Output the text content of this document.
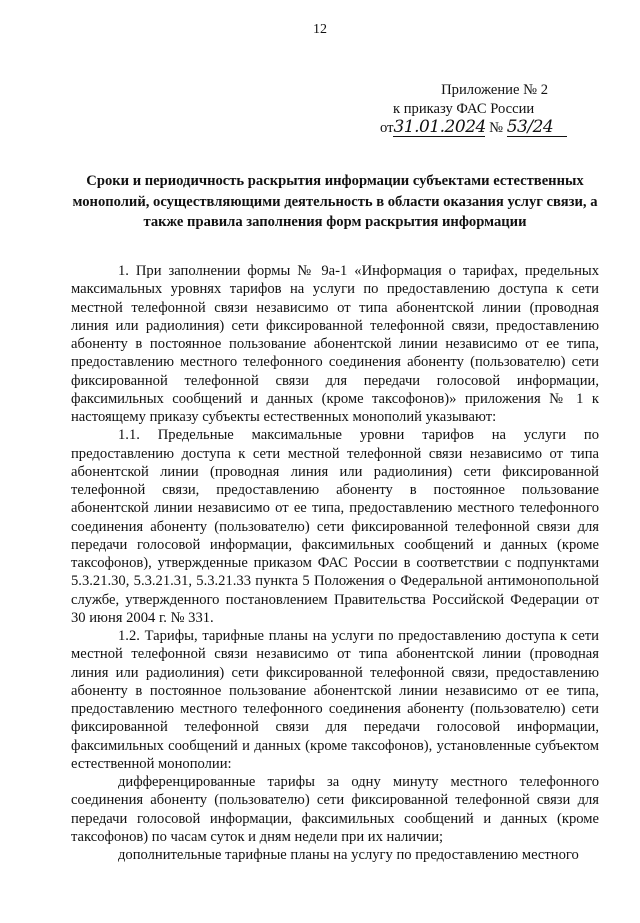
12
Приложение № 2
к приказу ФАС России
от31.01.2024 № 53/24
Сроки и периодичность раскрытия информации субъектами естественных монополий, осуществляющими деятельность в области оказания услуг связи, а также правила заполнения форм раскрытия информации

1. При заполнении формы № 9а-1 «Информация о тарифах, предельных максимальных уровнях тарифов на услуги по предоставлению доступа к сети местной телефонной связи независимо от типа абонентской линии (проводная линия или радиолиния) сети фиксированной телефонной связи, предоставлению абоненту в постоянное пользование абонентской линии независимо от ее типа, предоставлению местного телефонного соединения абоненту (пользователю) сети фиксированной телефонной связи для передачи голосовой информации, факсимильных сообщений и данных (кроме таксофонов)» приложения № 1 к настоящему приказу субъекты естественных монополий указывают:

1.1. Предельные максимальные уровни тарифов на услуги по предоставлению доступа к сети местной телефонной связи независимо от типа абонентской линии (проводная линия или радиолиния) сети фиксированной телефонной связи, предоставлению абоненту в постоянное пользование абонентской линии независимо от ее типа, предоставлению местного телефонного соединения абоненту (пользователю) сети фиксированной телефонной связи для передачи голосовой информации, факсимильных сообщений и данных (кроме таксофонов), утвержденные приказом ФАС России в соответствии с подпунктами 5.3.21.30, 5.3.21.31, 5.3.21.33 пункта 5 Положения о Федеральной антимонопольной службе, утвержденного постановлением Правительства Российской Федерации от 30 июня 2004 г. № 331.

1.2. Тарифы, тарифные планы на услуги по предоставлению доступа к сети местной телефонной связи независимо от типа абонентской линии (проводная линия или радиолиния) сети фиксированной телефонной связи, предоставлению абоненту в постоянное пользование абонентской линии независимо от ее типа, предоставлению местного телефонного соединения абоненту (пользователю) сети фиксированной телефонной связи для передачи голосовой информации, факсимильных сообщений и данных (кроме таксофонов), установленные субъектом естественной монополии:

дифференцированные тарифы за одну минуту местного телефонного соединения абоненту (пользователю) сети фиксированной телефонной связи для передачи голосовой информации, факсимильных сообщений и данных (кроме таксофонов) по часам суток и дням недели при их наличии;

дополнительные тарифные планы на услугу по предоставлению местного
